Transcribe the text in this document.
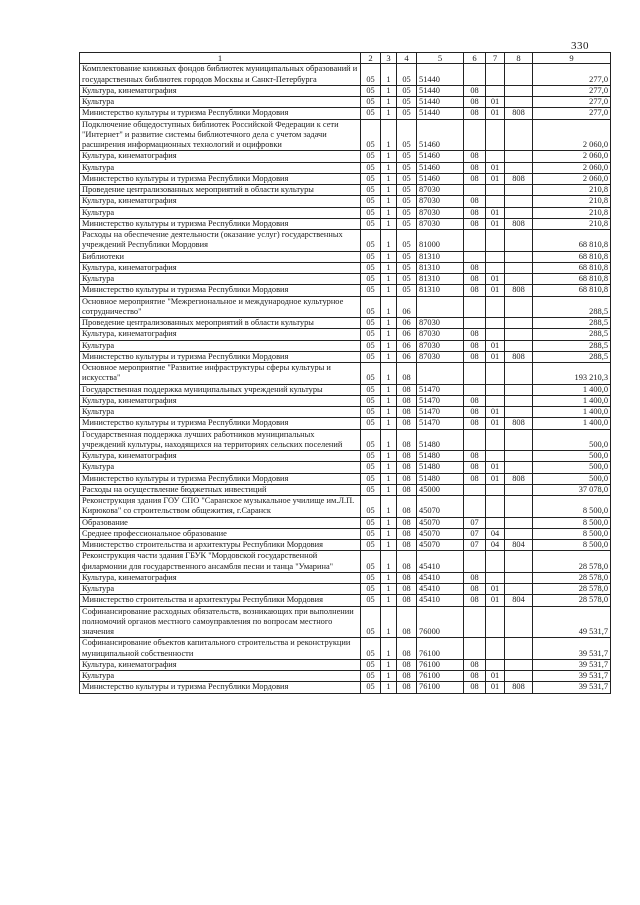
330
1	2	3	4	5	6	7	8	9
Комплектование книжных фондов библиотек муниципальных образований и государственных библиотек городов Москвы и Санкт-Петербурга	05	1	05	51440				277,0
Культура, кинематография	05	1	05	51440	08			277,0
Культура	05	1	05	51440	08	01		277,0
Министерство культуры и туризма Республики Мордовия	05	1	05	51440	08	01	808	277,0
Подключение общедоступных библиотек Российской Федерации к сети "Интернет" и развитие системы библиотечного дела с учетом задачи расширения информационных технологий и оцифровки	05	1	05	51460				2 060,0
Культура, кинематография	05	1	05	51460	08			2 060,0
Культура	05	1	05	51460	08	01		2 060,0
Министерство культуры и туризма Республики Мордовия	05	1	05	51460	08	01	808	2 060,0
Проведение централизованных мероприятий в области культуры	05	1	05	87030				210,8
Культура, кинематография	05	1	05	87030	08			210,8
Культура	05	1	05	87030	08	01		210,8
Министерство культуры и туризма Республики Мордовия	05	1	05	87030	08	01	808	210,8
Расходы на обеспечение деятельности (оказание услуг) государственных учреждений Республики Мордовия	05	1	05	81000				68 810,8
Библиотеки	05	1	05	81310				68 810,8
Культура, кинематография	05	1	05	81310	08			68 810,8
Культура	05	1	05	81310	08	01		68 810,8
Министерство культуры и туризма Республики Мордовия	05	1	05	81310	08	01	808	68 810,8
Основное мероприятие "Межрегиональное и международное культурное сотрудничество"	05	1	06					288,5
Проведение централизованных мероприятий в области культуры	05	1	06	87030				288,5
Культура, кинематография	05	1	06	87030	08			288,5
Культура	05	1	06	87030	08	01		288,5
Министерство культуры и туризма Республики Мордовия	05	1	06	87030	08	01	808	288,5
Основное мероприятие "Развитие инфраструктуры сферы культуры и искусства"	05	1	08					193 210,3
Государственная поддержка муниципальных учреждений культуры	05	1	08	51470				1 400,0
Культура, кинематография	05	1	08	51470	08			1 400,0
Культура	05	1	08	51470	08	01		1 400,0
Министерство культуры и туризма Республики Мордовия	05	1	08	51470	08	01	808	1 400,0
Государственная поддержка лучших работников муниципальных учреждений культуры, находящихся на территориях сельских поселений	05	1	08	51480				500,0
Культура, кинематография	05	1	08	51480	08			500,0
Культура	05	1	08	51480	08	01		500,0
Министерство культуры и туризма Республики Мордовия	05	1	08	51480	08	01	808	500,0
Расходы на осуществление бюджетных инвестиций	05	1	08	45000				37 078,0
Реконструкция здания ГОУ СПО "Саранское музыкальное училище им.Л.П. Кирюкова" со строительством общежития, г.Саранск	05	1	08	45070				8 500,0
Образование	05	1	08	45070	07			8 500,0
Среднее профессиональное образование	05	1	08	45070	07	04		8 500,0
Министерство строительства и архитектуры Республики Мордовия	05	1	08	45070	07	04	804	8 500,0
Реконструкция части здания ГБУК "Мордовской государственной филармонии для государственного ансамбля песни и танца "Умарина"	05	1	08	45410				28 578,0
Культура, кинематография	05	1	08	45410	08			28 578,0
Культура	05	1	08	45410	08	01		28 578,0
Министерство строительства и архитектуры Республики Мордовия	05	1	08	45410	08	01	804	28 578,0
Софинансирование расходных обязательств, возникающих при выполнении полномочий органов местного самоуправления по вопросам местного значения	05	1	08	76000				49 531,7
Софинансирование объектов капитального строительства и реконструкции муниципальной собственности	05	1	08	76100				39 531,7
Культура, кинематография	05	1	08	76100	08			39 531,7
Культура	05	1	08	76100	08	01		39 531,7
Министерство культуры и туризма Республики Мордовия	05	1	08	76100	08	01	808	39 531,7
